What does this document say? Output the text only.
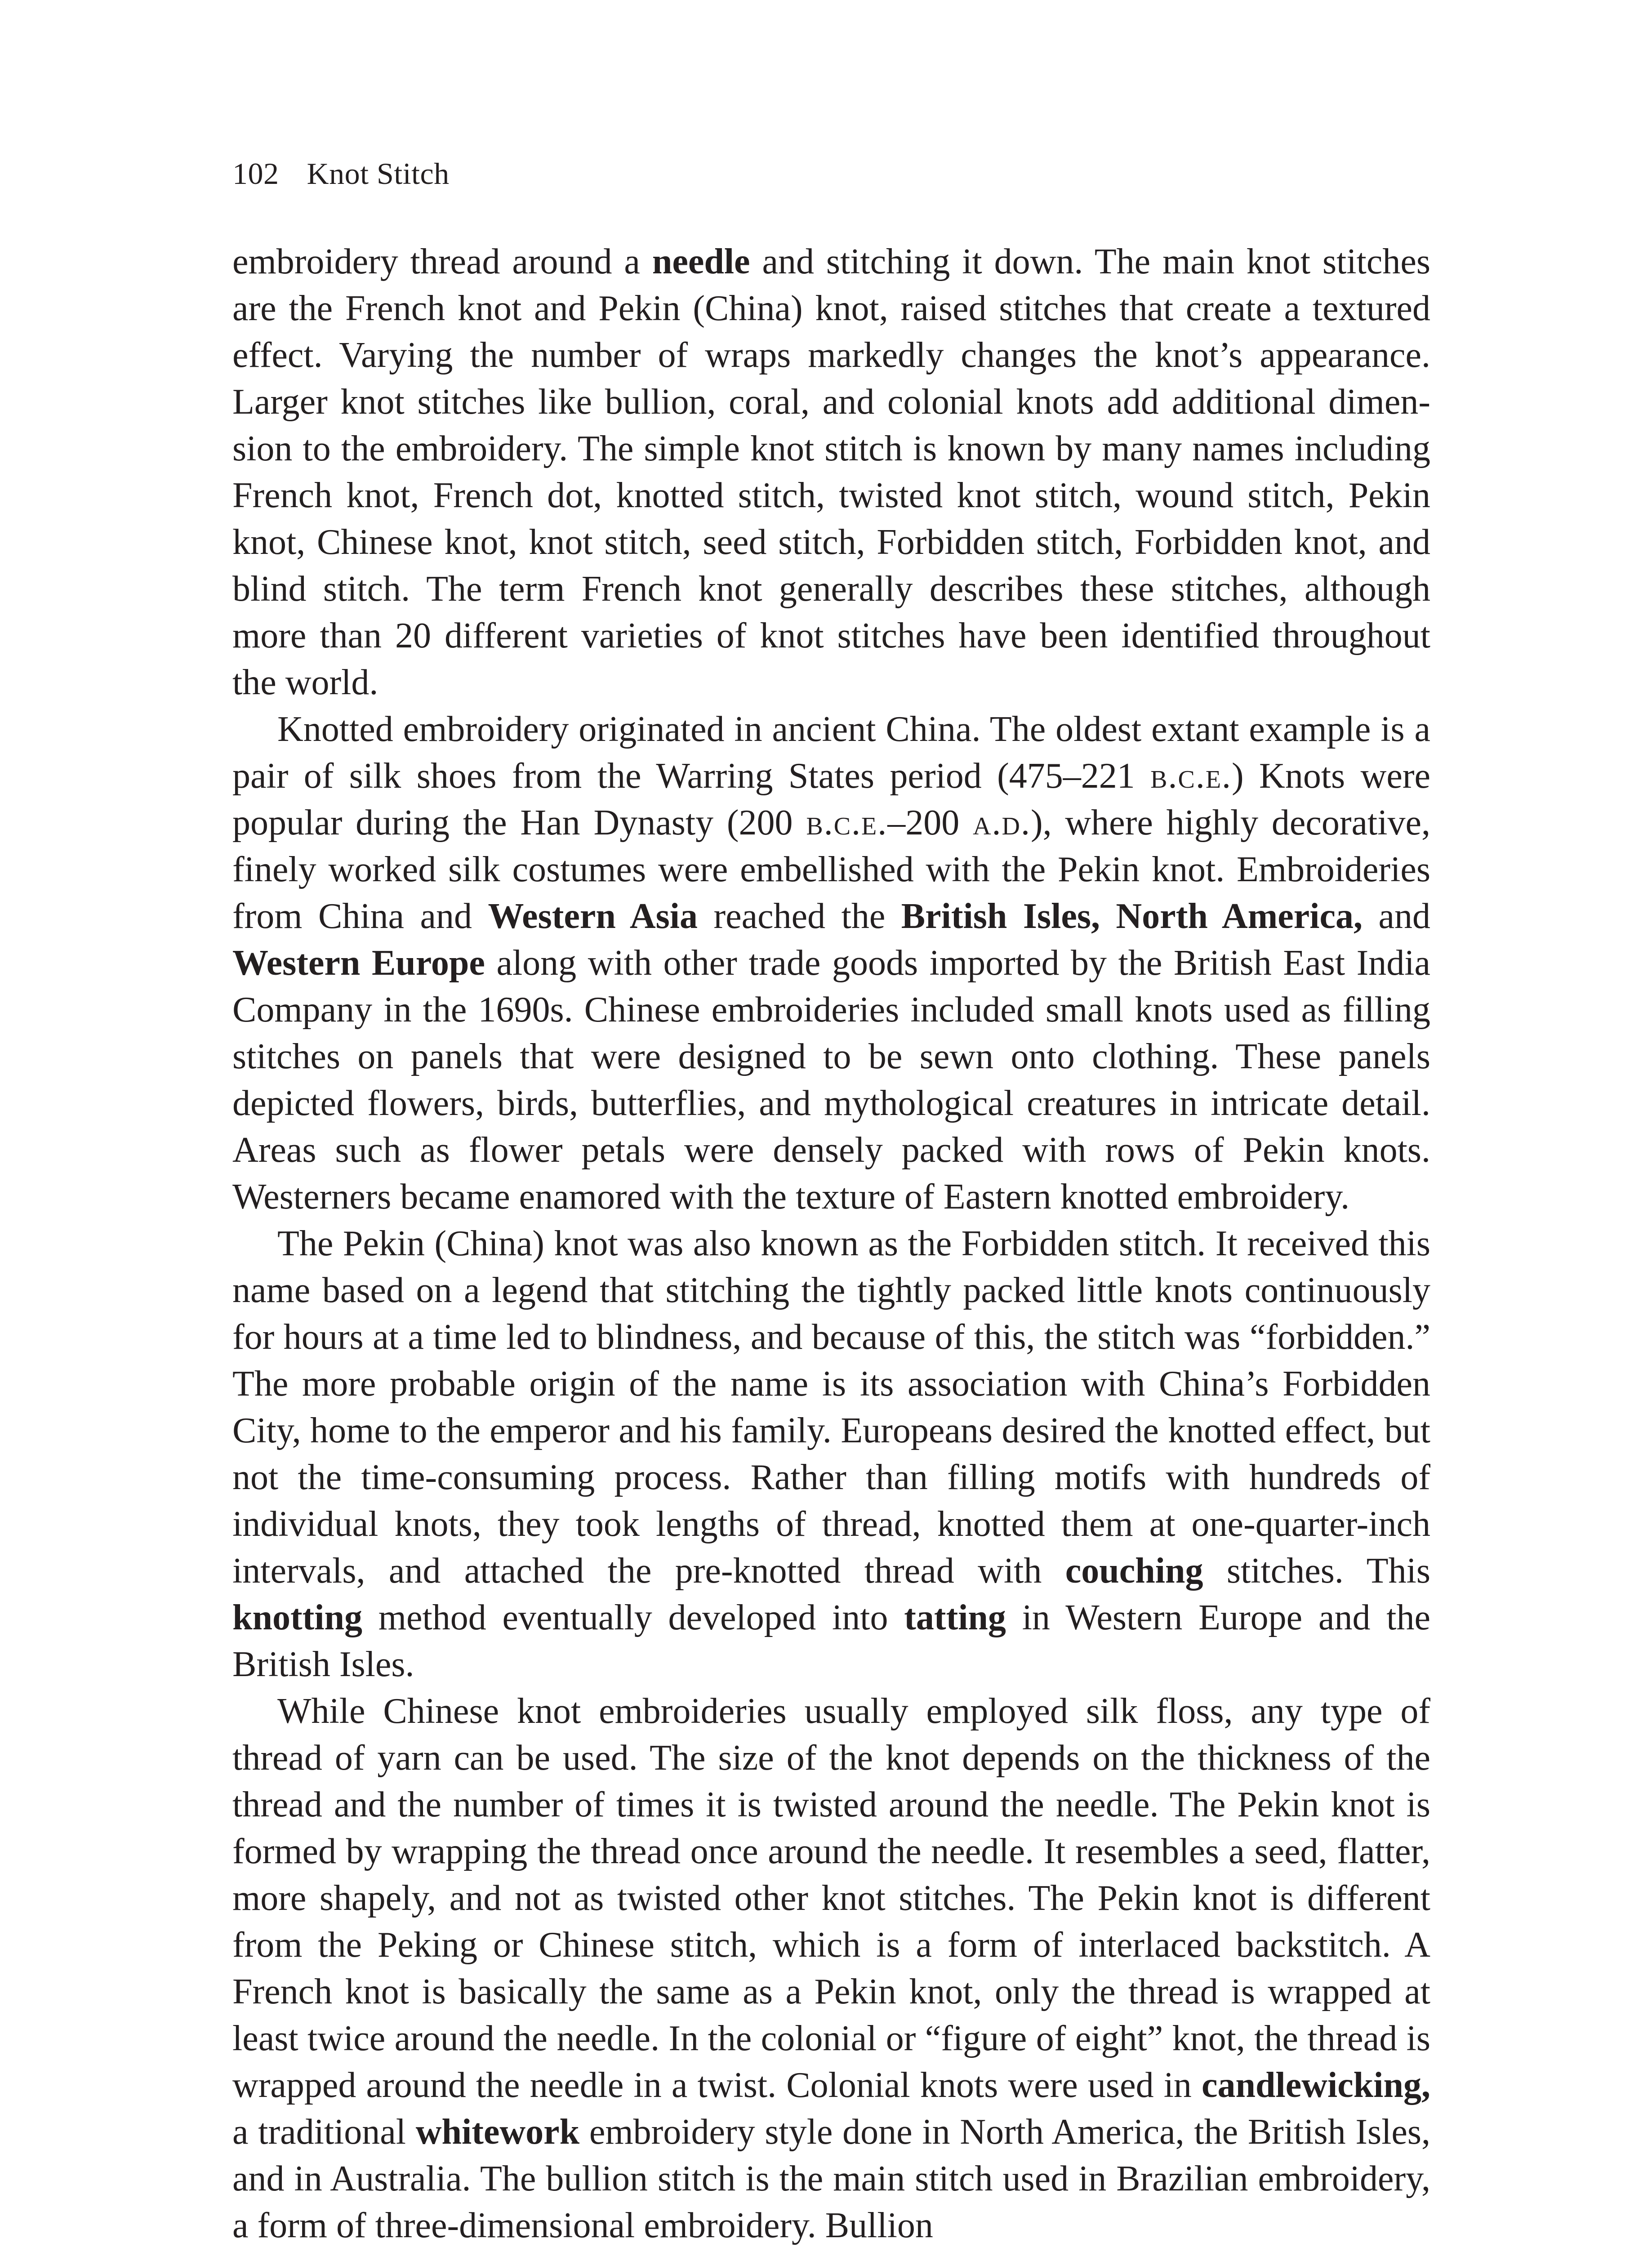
102 Knot Stitch

embroidery thread around a needle and stitching it down. The main knot stitches are the French knot and Pekin (China) knot, raised stitches that create a textured effect. Varying the number of wraps markedly changes the knot’s appearance. Larger knot stitches like bullion, coral, and colonial knots add additional dimension to the embroidery. The simple knot stitch is known by many names including French knot, French dot, knotted stitch, twisted knot stitch, wound stitch, Pekin knot, Chinese knot, knot stitch, seed stitch, Forbidden stitch, Forbidden knot, and blind stitch. The term French knot generally describes these stitches, although more than 20 different varieties of knot stitches have been identified throughout the world.

Knotted embroidery originated in ancient China. The oldest extant example is a pair of silk shoes from the Warring States period (475–221 b.c.e.) Knots were popular during the Han Dynasty (200 b.c.e.–200 a.d.), where highly decorative, finely worked silk costumes were embellished with the Pekin knot. Embroideries from China and Western Asia reached the British Isles, North America, and Western Europe along with other trade goods imported by the British East India Company in the 1690s. Chinese embroideries included small knots used as filling stitches on panels that were designed to be sewn onto clothing. These panels depicted flowers, birds, butterflies, and mythological creatures in intricate detail. Areas such as flower petals were densely packed with rows of Pekin knots. Westerners became enamored with the texture of Eastern knotted embroidery.

The Pekin (China) knot was also known as the Forbidden stitch. It received this name based on a legend that stitching the tightly packed little knots continuously for hours at a time led to blindness, and because of this, the stitch was “forbidden.” The more probable origin of the name is its association with China’s Forbidden City, home to the emperor and his family. Europeans desired the knotted effect, but not the time-consuming process. Rather than filling motifs with hundreds of individual knots, they took lengths of thread, knotted them at one-quarter-inch intervals, and attached the pre-knotted thread with couching stitches. This knotting method eventually developed into tatting in Western Europe and the British Isles.

While Chinese knot embroideries usually employed silk floss, any type of thread of yarn can be used. The size of the knot depends on the thickness of the thread and the number of times it is twisted around the needle. The Pekin knot is formed by wrapping the thread once around the needle. It resembles a seed, flatter, more shapely, and not as twisted other knot stitches. The Pekin knot is different from the Peking or Chinese stitch, which is a form of interlaced backstitch. A French knot is basically the same as a Pekin knot, only the thread is wrapped at least twice around the needle. In the colonial or “figure of eight” knot, the thread is wrapped around the needle in a twist. Colonial knots were used in candlewicking, a traditional whitework embroidery style done in North America, the British Isles, and in Australia. The bullion stitch is the main stitch used in Brazilian embroidery, a form of three-dimensional embroidery. Bullion
